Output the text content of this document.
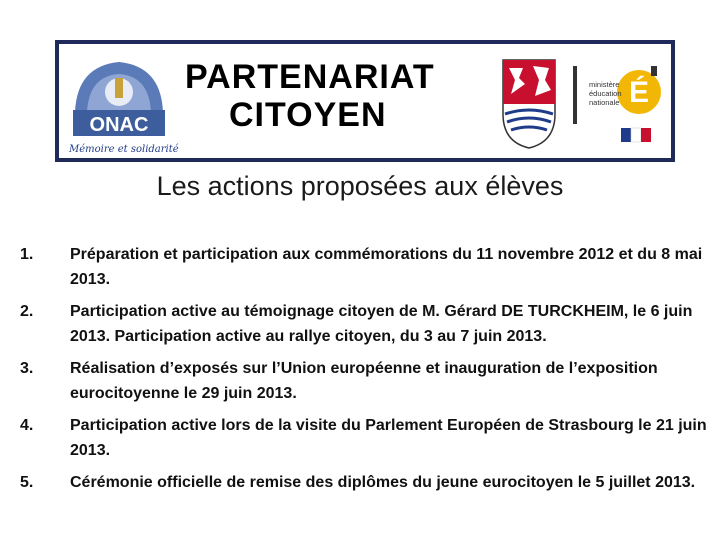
ONAC
Mémoire et solidarité
PARTENARIAT
CITOYEN
É
ministère
éducation
nationale
Les actions proposées aux élèves
1. Préparation et participation aux commémorations du 11 novembre 2012 et du 8 mai 2013.
2. Participation active au témoignage citoyen de M. Gérard DE TURCKHEIM, le 6 juin 2013. Participation active au rallye citoyen, du 3 au 7 juin 2013.
3. Réalisation d’exposés sur l’Union européenne et inauguration de l’exposition eurocitoyenne le 29 juin 2013.
4. Participation active lors de la visite du Parlement Européen de Strasbourg le 21 juin 2013.
5. Cérémonie officielle de remise des diplômes du jeune eurocitoyen le 5 juillet 2013.
